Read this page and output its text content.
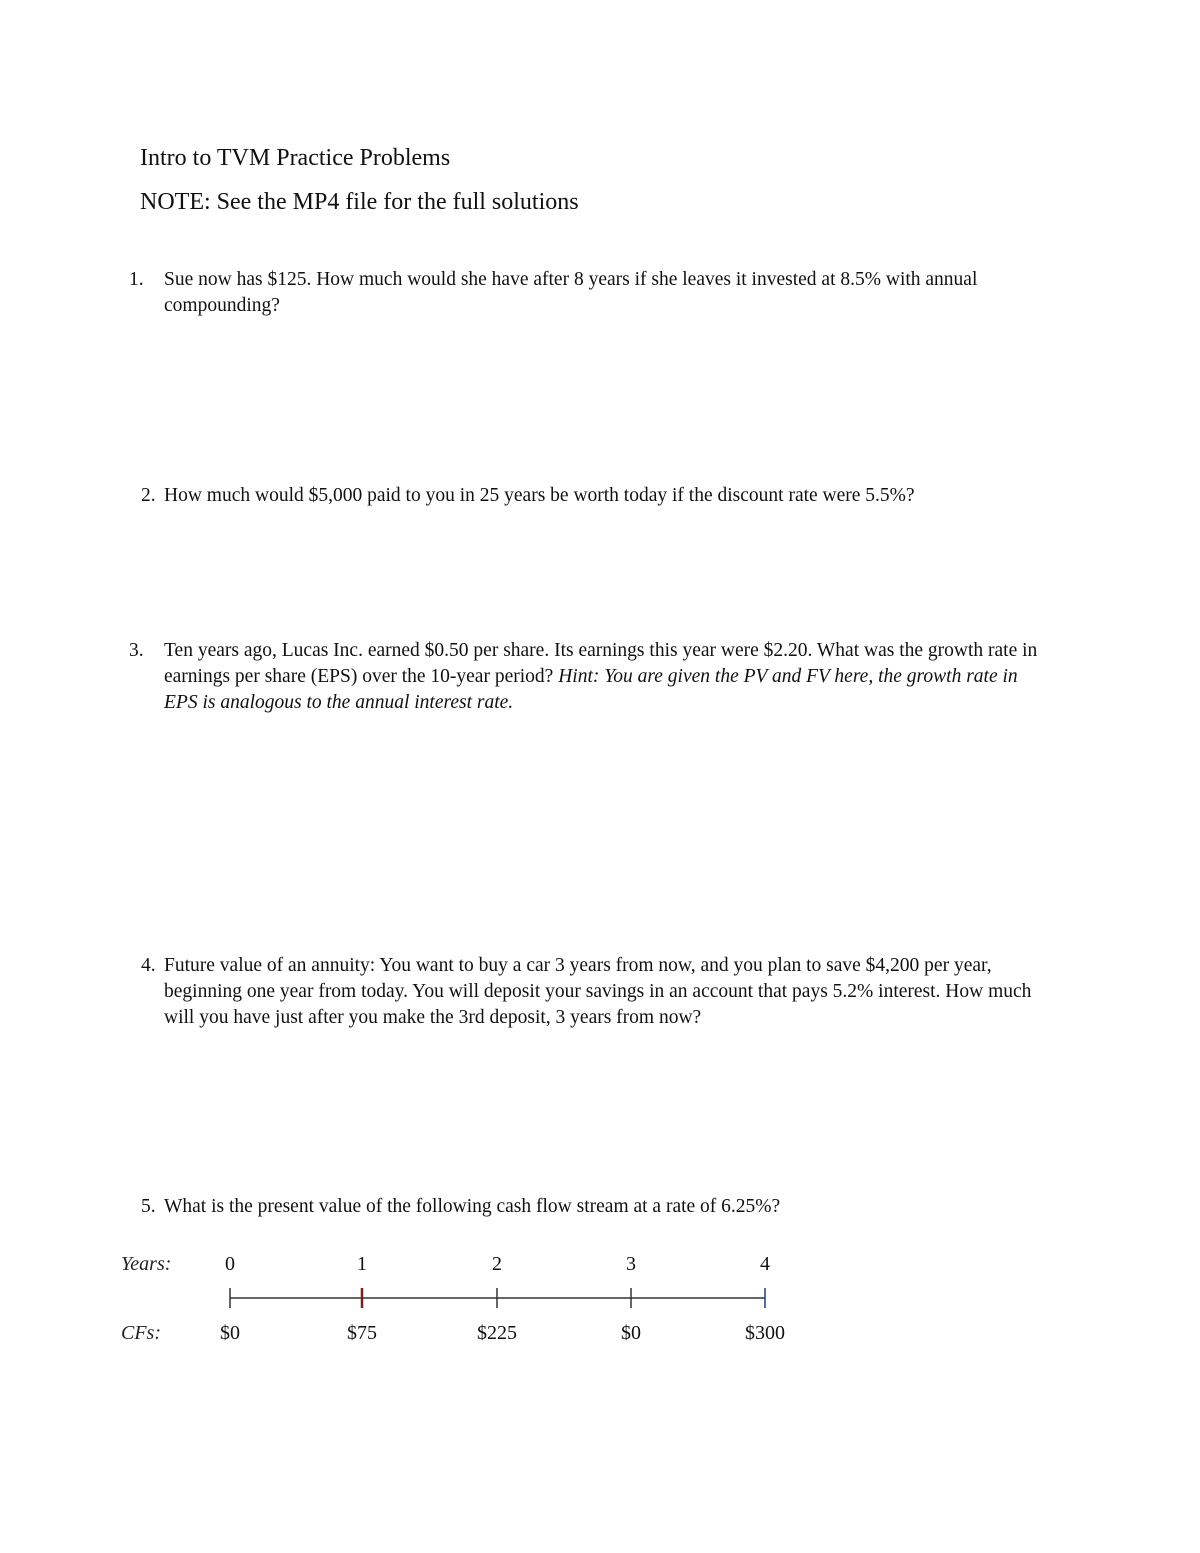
Intro to TVM Practice Problems
NOTE: See the MP4 file for the full solutions
1.	Sue now has $125. How much would she have after 8 years if she leaves it invested at 8.5% with annual compounding?
2. How much would $5,000 paid to you in 25 years be worth today if the discount rate were 5.5%?
3.	Ten years ago, Lucas Inc. earned $0.50 per share. Its earnings this year were $2.20. What was the growth rate in earnings per share (EPS) over the 10-year period? Hint: You are given the PV and FV here, the growth rate in EPS is analogous to the annual interest rate.
4. Future value of an annuity: You want to buy a car 3 years from now, and you plan to save $4,200 per year, beginning one year from today. You will deposit your savings in an account that pays 5.2% interest. How much will you have just after you make the 3rd deposit, 3 years from now?
5. What is the present value of the following cash flow stream at a rate of 6.25%?
Years:
CFs:
0
$0
1
$75
2
$225
3
$0
4
$300
